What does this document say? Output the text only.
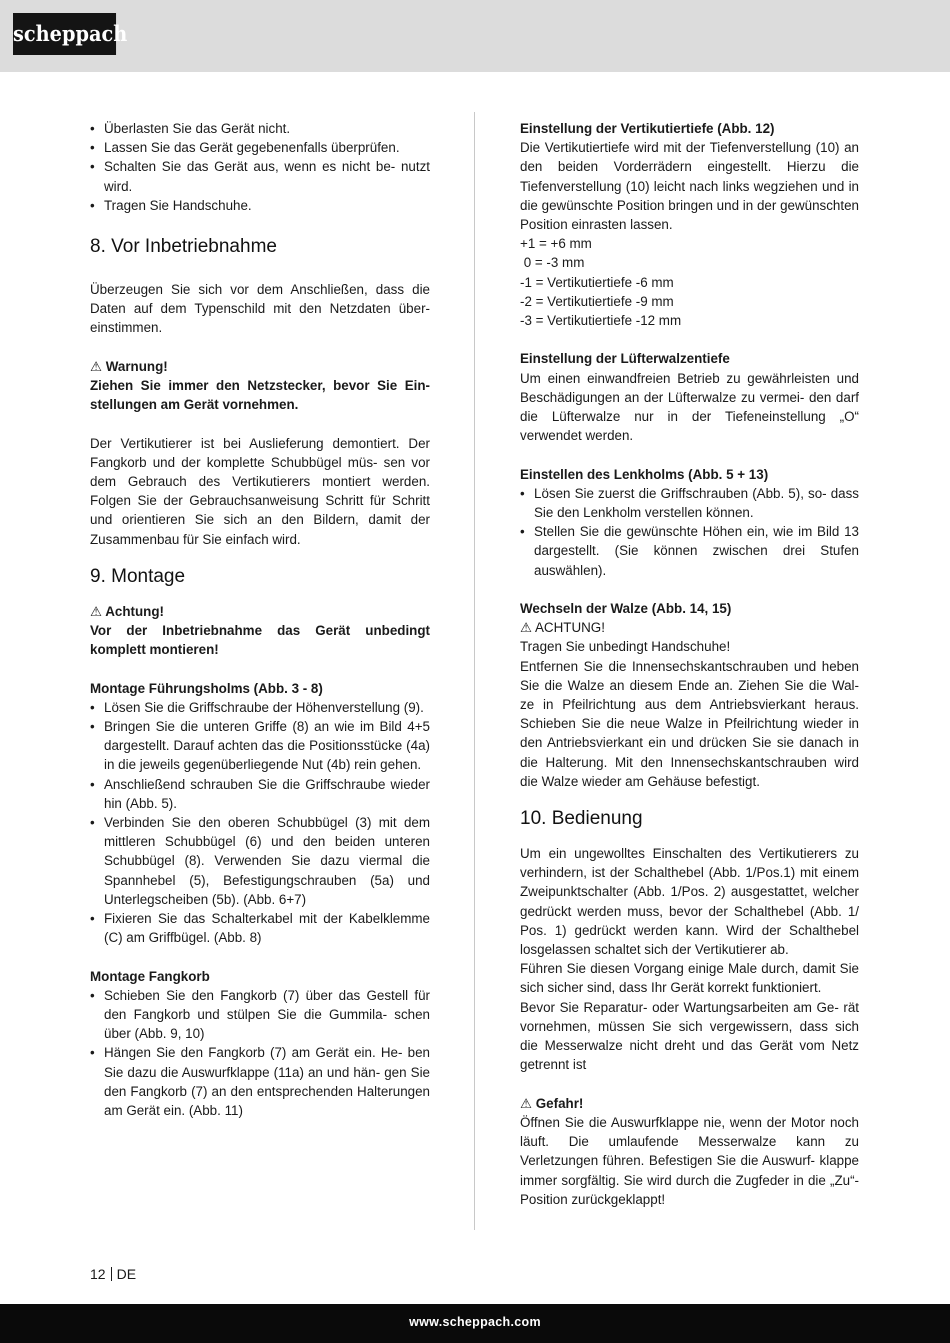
scheppach
• Überlasten Sie das Gerät nicht.
• Lassen Sie das Gerät gegebenenfalls überprüfen.
• Schalten Sie das Gerät aus, wenn es nicht be- nutzt wird.
• Tragen Sie Handschuhe.
8. Vor Inbetriebnahme

Überzeugen Sie sich vor dem Anschließen, dass die Daten auf dem Typenschild mit den Netzdaten über- einstimmen.

⚠ Warnung!

Ziehen Sie immer den Netzstecker, bevor Sie Ein- stellungen am Gerät vornehmen.

Der Vertikutierer ist bei Auslieferung demontiert. Der Fangkorb und der komplette Schubbügel müs- sen vor dem Gebrauch des Vertikutierers montiert werden. Folgen Sie der Gebrauchsanweisung Schritt für Schritt und orientieren Sie sich an den Bildern, damit der Zusammenbau für Sie einfach wird.

9. Montage

⚠ Achtung!

Vor der Inbetriebnahme das Gerät unbedingt komplett montieren!

Montage Führungsholms (Abb. 3 - 8)
• Lösen Sie die Griffschraube der Höhenverstellung (9).
• Bringen Sie die unteren Griffe (8) an wie im Bild 4+5 dargestellt. Darauf achten das die Positionsstücke (4a) in die jeweils gegenüberliegende Nut (4b) rein gehen.
• Anschließend schrauben Sie die Griffschraube wieder hin (Abb. 5).
• Verbinden Sie den oberen Schubbügel (3) mit dem mittleren Schubbügel (6) und den beiden unteren Schubbügel (8). Verwenden Sie dazu viermal die Spannhebel (5), Befestigungschrauben (5a) und Unterlegscheiben (5b). (Abb. 6+7)
• Fixieren Sie das Schalterkabel mit der Kabelklemme (C) am Griffbügel. (Abb. 8)
Montage Fangkorb
• Schieben Sie den Fangkorb (7) über das Gestell für den Fangkorb und stülpen Sie die Gummila- schen über (Abb. 9, 10)
• Hängen Sie den Fangkorb (7) am Gerät ein. He- ben Sie dazu die Auswurfklappe (11a) an und hän- gen Sie den Fangkorb (7) an den entsprechenden Halterungen am Gerät ein. (Abb. 11)
Einstellung der Vertikutiertiefe (Abb. 12)

Die Vertikutiertiefe wird mit der Tiefenverstellung (10) an den beiden Vorderrädern eingestellt. Hierzu die Tiefenverstellung (10) leicht nach links wegziehen und in die gewünschte Position bringen und in der gewünschten Position einrasten lassen.

+1 = +6 mm

0 = -3 mm

-1 = Vertikutiertiefe -6 mm

-2 = Vertikutiertiefe -9 mm

-3 = Vertikutiertiefe -12 mm

Einstellung der Lüfterwalzentiefe

Um einen einwandfreien Betrieb zu gewährleisten und Beschädigungen an der Lüfterwalze zu vermei- den darf die Lüfterwalze nur in der Tiefeneinstellung „O“ verwendet werden.

Einstellen des Lenkholms (Abb. 5 + 13)
• Lösen Sie zuerst die Griffschrauben (Abb. 5), so- dass Sie den Lenkholm verstellen können.
• Stellen Sie die gewünschte Höhen ein, wie im Bild 13 dargestellt. (Sie können zwischen drei Stufen auswählen).
Wechseln der Walze (Abb. 14, 15)

⚠ ACHTUNG!

Tragen Sie unbedingt Handschuhe!

Entfernen Sie die Innensechskantschrauben und heben Sie die Walze an diesem Ende an. Ziehen Sie die Wal- ze in Pfeilrichtung aus dem Antriebsvierkant heraus. Schieben Sie die neue Walze in Pfeilrichtung wieder in den Antriebsvierkant ein und drücken Sie sie danach in die Halterung. Mit den Innensechskantschrauben wird die Walze wieder am Gehäuse befestigt.

10. Bedienung

Um ein ungewolltes Einschalten des Vertikutierers zu verhindern, ist der Schalthebel (Abb. 1/Pos.1) mit einem Zweipunktschalter (Abb. 1/Pos. 2) ausgestattet, welcher gedrückt werden muss, bevor der Schalthebel (Abb. 1/ Pos. 1) gedrückt werden kann. Wird der Schalthebel losgelassen schaltet sich der Vertikutierer ab.

Führen Sie diesen Vorgang einige Male durch, damit Sie sich sicher sind, dass Ihr Gerät korrekt funktioniert.

Bevor Sie Reparatur- oder Wartungsarbeiten am Ge- rät vornehmen, müssen Sie sich vergewissern, dass sich die Messerwalze nicht dreht und das Gerät vom Netz getrennt ist

⚠ Gefahr!

Öffnen Sie die Auswurfklappe nie, wenn der Motor noch läuft. Die umlaufende Messerwalze kann zu Verletzungen führen. Befestigen Sie die Auswurf- klappe immer sorgfältig. Sie wird durch die Zugfeder in die „Zu“- Position zurückgeklappt!

12 DE
www.scheppach.com
